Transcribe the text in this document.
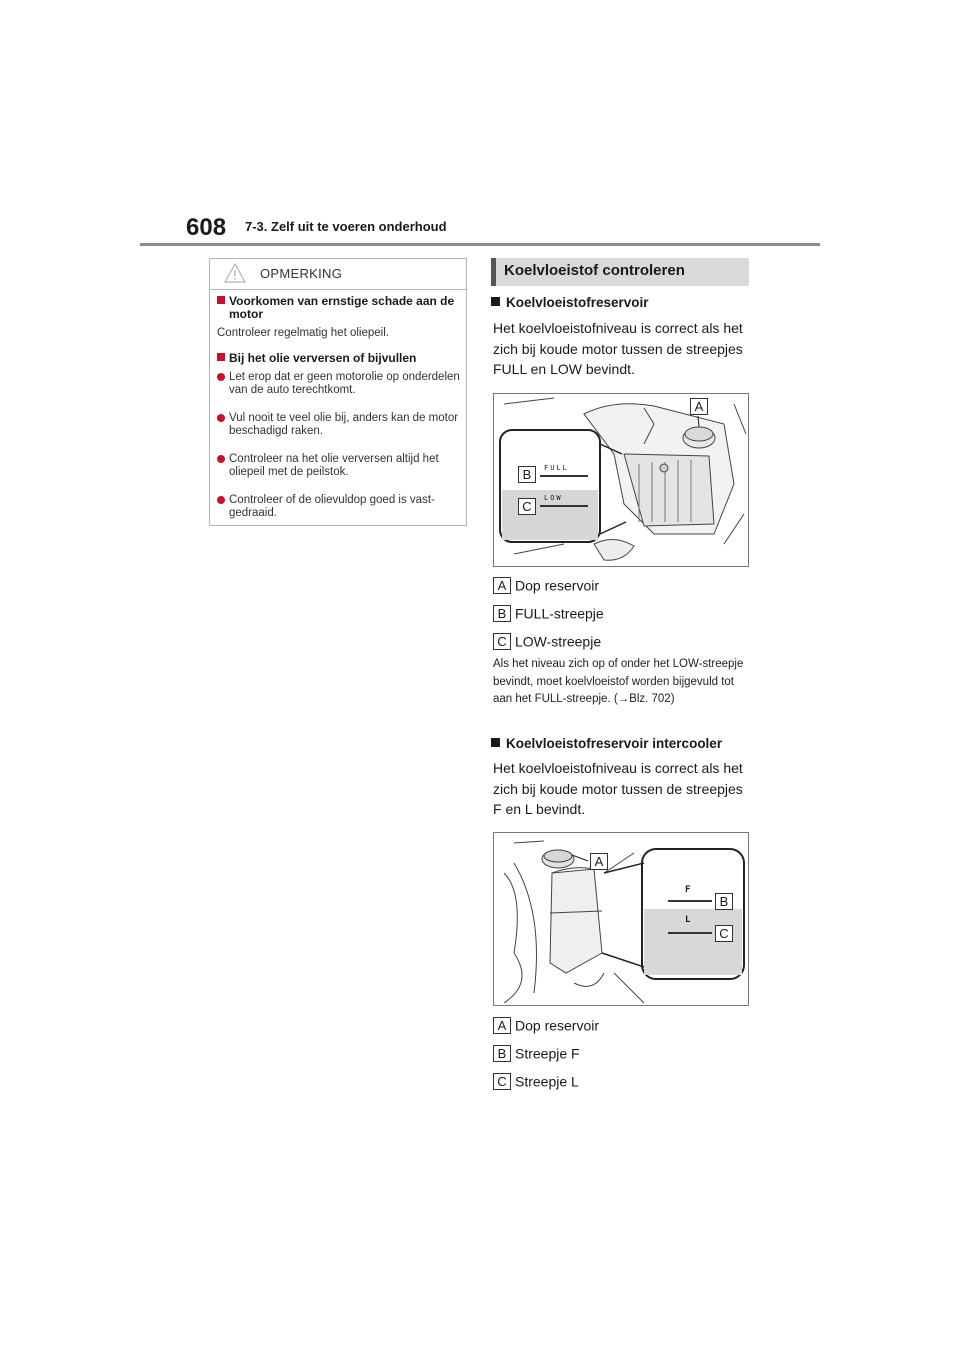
608 7-3. Zelf uit te voeren onderhoud
OPMERKING
Voorkomen van ernstige schade aan de motor
Controleer regelmatig het oliepeil.
Bij het olie verversen of bijvullen
Let erop dat er geen motorolie op onderdelen van de auto terechtkomt.
Vul nooit te veel olie bij, anders kan de motor beschadigd raken.
Controleer na het olie verversen altijd het oliepeil met de peilstok.
Controleer of de olievuldop goed is vast-gedraaid.
Koelvloeistof controleren
Koelvloeistofreservoir
Het koelvloeistofniveau is correct als het zich bij koude motor tussen de streepjes FULL en LOW bevindt.
B
C
A
FULL
LOW
A Dop reservoir
B FULL-streepje
C LOW-streepje
Als het niveau zich op of onder het LOW-streepje bevindt, moet koelvloeistof worden bijgevuld tot aan het FULL-streepje. (→Blz. 702)
Koelvloeistofreservoir intercooler
Het koelvloeistofniveau is correct als het zich bij koude motor tussen de streepjes F en L bevindt.
A
B
C
F
L
A Dop reservoir
B Streepje F
C Streepje L
